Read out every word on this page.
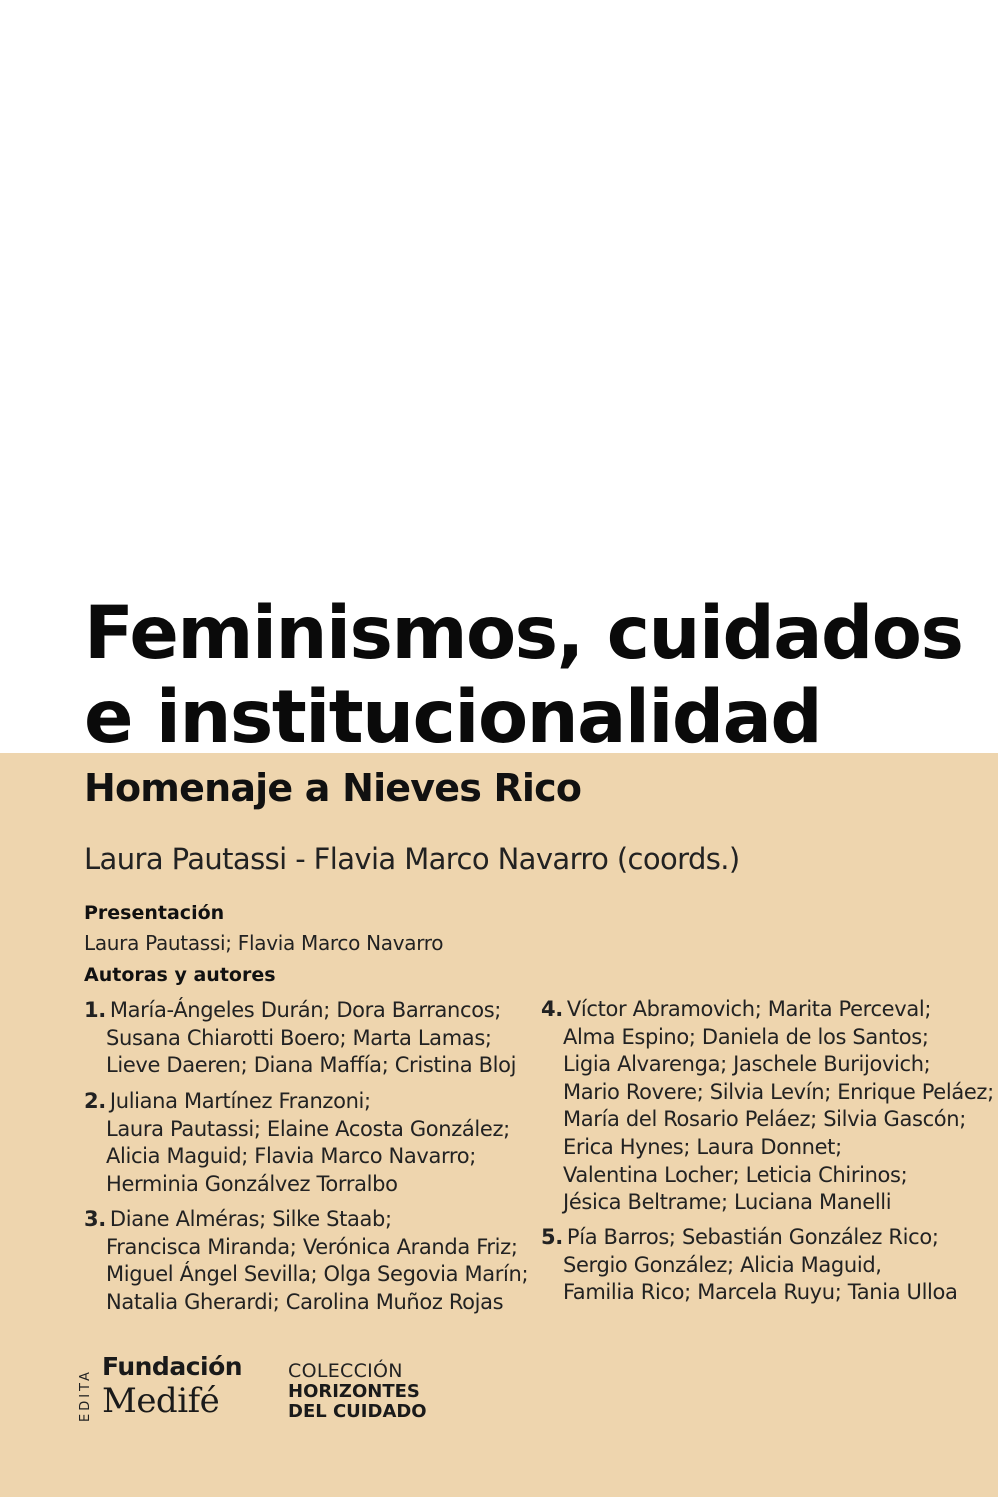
Feminismos, cuidados
e institucionalidad
Homenaje a Nieves Rico
Laura Pautassi - Flavia Marco Navarro (coords.)
Presentación
Laura Pautassi; Flavia Marco Navarro
Autoras y autores
1. María-Ángeles Durán; Dora Barrancos;
Susana Chiarotti Boero; Marta Lamas;
Lieve Daeren; Diana Maffía; Cristina Bloj
2. Juliana Martínez Franzoni;
Laura Pautassi; Elaine Acosta González;
Alicia Maguid; Flavia Marco Navarro;
Herminia Gonzálvez Torralbo
3. Diane Alméras; Silke Staab;
Francisca Miranda; Verónica Aranda Friz;
Miguel Ángel Sevilla; Olga Segovia Marín;
Natalia Gherardi; Carolina Muñoz Rojas
4. Víctor Abramovich; Marita Perceval;
Alma Espino; Daniela de los Santos;
Ligia Alvarenga; Jaschele Burijovich;
Mario Rovere; Silvia Levín; Enrique Peláez;
María del Rosario Peláez; Silvia Gascón;
Erica Hynes; Laura Donnet;
Valentina Locher; Leticia Chirinos;
Jésica Beltrame; Luciana Manelli
5. Pía Barros; Sebastián González Rico;
Sergio González; Alicia Maguid,
Familia Rico; Marcela Ruyu; Tania Ulloa
EDITA
Fundación
Medifé
COLECCIÓN
HORIZONTES
DEL CUIDADO
